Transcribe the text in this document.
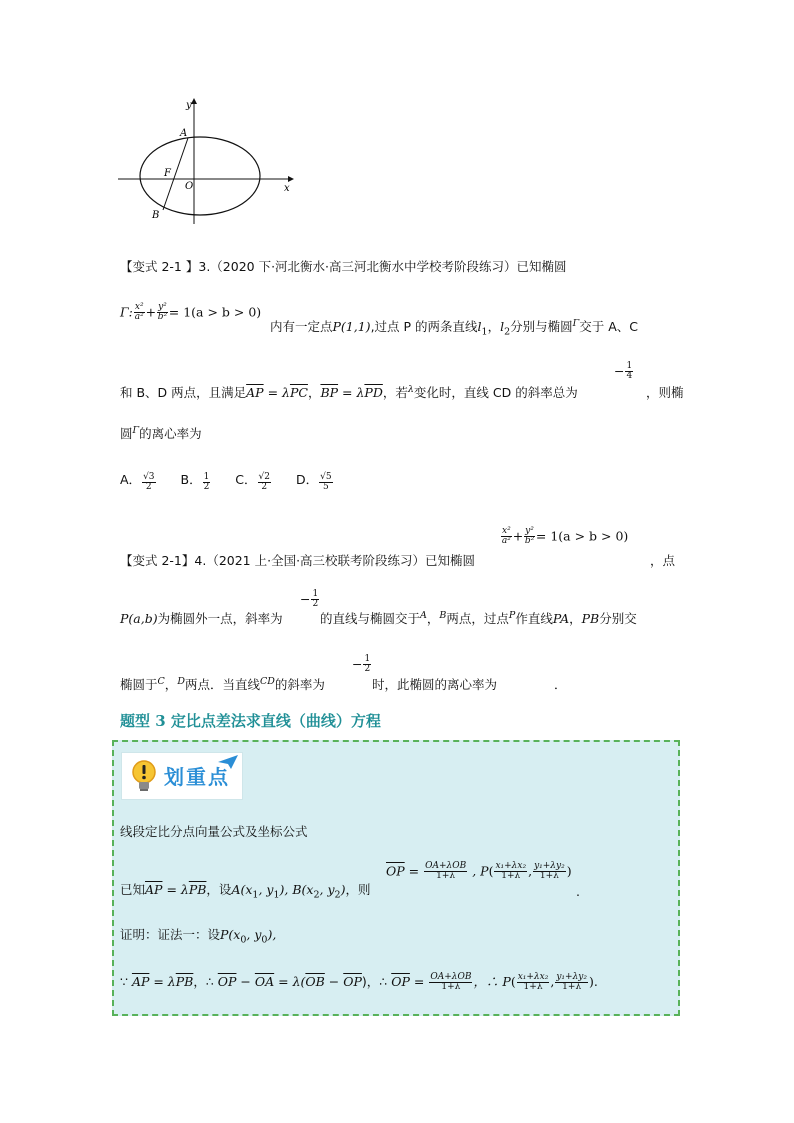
y
x
A
F
O
B
【变式 2-1 】3.（2020 下·河北衡水·高三河北衡水中学校考阶段练习）已知椭圆
Γ: $\frac{\text{x²}}{\text{a²}} + \frac{\text{y²}}{\text{b²}} = 1(a > b > 0)$
内有一定点P(1,1),过点 P 的两条直线$l_1$，$l_2$分别与椭圆$^\Gamma$交于 A、C
和 B、D 两点，且满足$\overline{AP} = \lambda\overline{PC}$，$\overline{BP} = \lambda\overline{PD}$，若$^\lambda$变化时，直线 CD 的斜率总为
− $\frac{1}{4}$
，则椭
圆$^\Gamma$的离心率为
A． $\frac{√3}{2}$ B． $\frac{1}{2}$ C． $\frac{√2}{2}$ D． $\frac{√5}{5}$
【变式 2-1】4.（2021 上·全国·高三校联考阶段练习）已知椭圆
$\frac{\text{x²}}{\text{a²}} + \frac{\text{y²}}{\text{b²}} = 1(a > b > 0)$
，点
P(a,b)为椭圆外一点，斜率为
− $\frac{1}{2}$
的直线与椭圆交于$^A$，$^B$两点，过点$^P$作直线PA，PB分别交
椭圆于$^C$，$^D$两点．当直线$^{CD}$的斜率为
− $\frac{1}{2}$
时，此椭圆的离心率为	．
题型 3 定比点差法求直线（曲线）方程
划重点
线段定比分点向量公式及坐标公式
已知$\overline{AP} = \lambda\overline{PB}$，设$A(x_1$, $y_1$), $B(x_2$, $y_2$)，则
$\overline{OP} = OA+\lambda OB$
1+λ , $P( \frac{\text{x₁+λx₂}}{1+\lambda}$ , $\frac{\text{y₁+λy₂}}{1+\lambda}$ )
.
证明：证法一：设$P(x_0$, $y_0$),
∵ $\overline{AP} = \lambda\overline{PB}$，∴ $\overline{OP} - \overline{OA} = \lambda(\overline{OB} - \overline{OP})$，∴ $\overline{OP} = OA+\lambda OB$
1+λ ，∴ $P( \frac{\text{x₁+λx₂}}{1+\lambda}$ , $\frac{\text{y₁+λy₂}}{1+\lambda}$ ).
